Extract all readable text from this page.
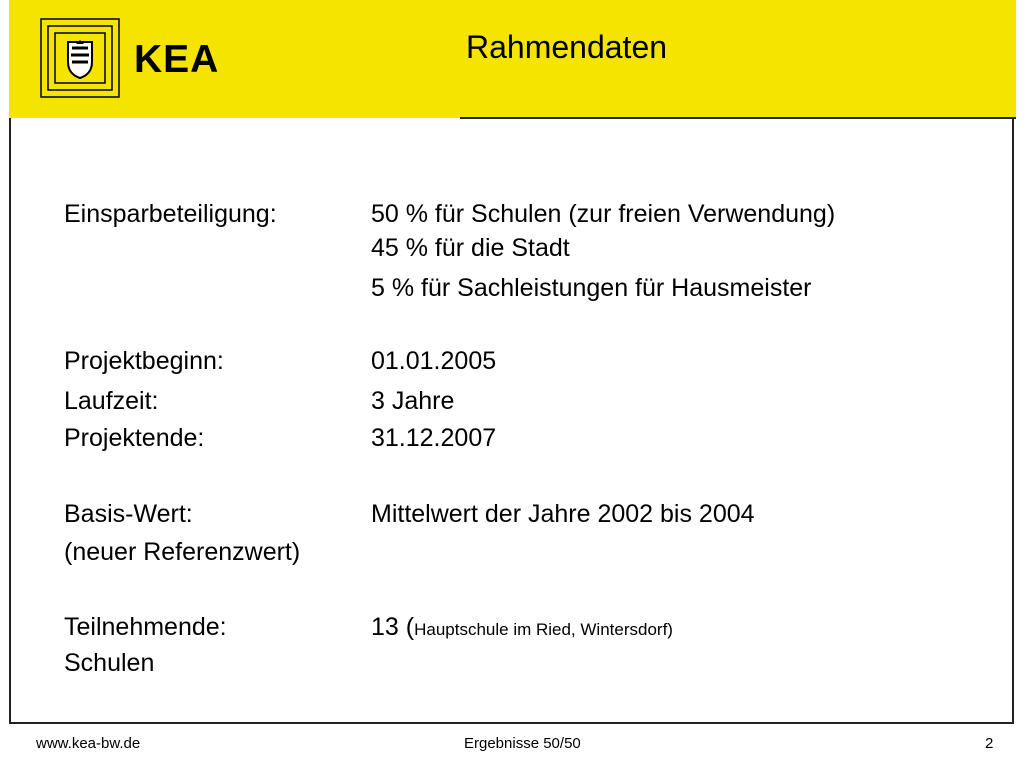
KEA	Rahmendaten
Einsparbeteiligung:	50 % für Schulen (zur freien Verwendung)
45 % für die Stadt
5 % für Sachleistungen für Hausmeister
Projektbeginn:	01.01.2005
Laufzeit:	3 Jahre
Projektende:	31.12.2007
Basis-Wert:	Mittelwert der Jahre 2002 bis 2004
(neuer Referenzwert)
Teilnehmende:	13 (Hauptschule im Ried, Wintersdorf)
Schulen
www.kea-bw.de	Ergebnisse 50/50	2
